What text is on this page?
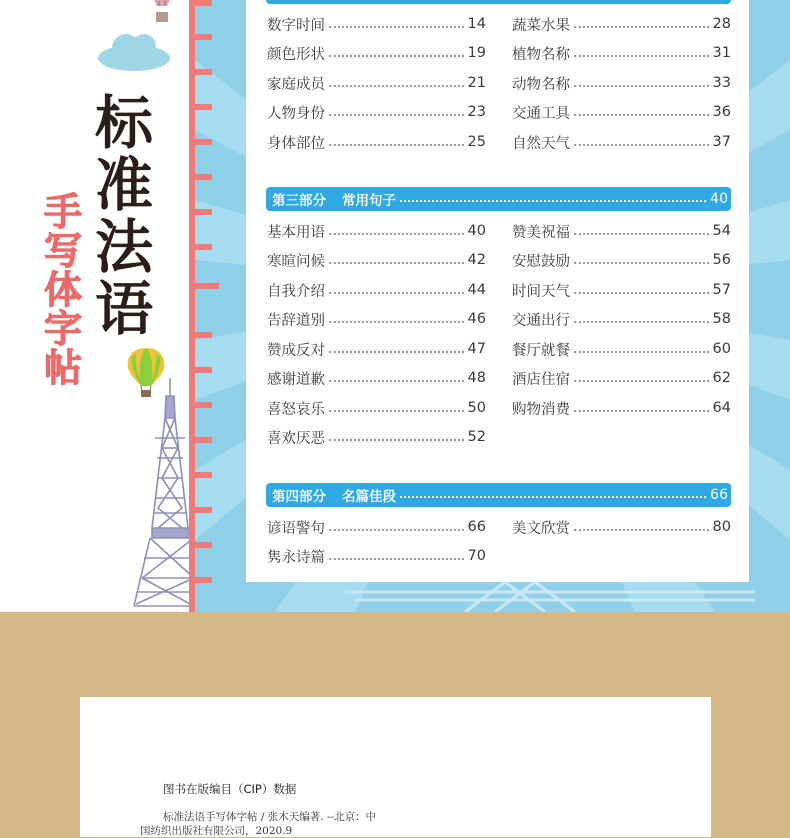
标
准
法
语
手
写
体
字
帖
数字时间	14
颜色形状	19
家庭成员	21
人物身份	23
身体部位	25
蔬菜水果	28
植物名称	31
动物名称	33
交通工具	36
自然天气	37
第三部分 常用句子	40
基本用语	40
寒暄问候	42
自我介绍	44
告辞道别	46
赞成反对	47
感谢道歉	48
喜怒哀乐	50
喜欢厌恶	52
赞美祝福	54
安慰鼓励	56
时间天气	57
交通出行	58
餐厅就餐	60
酒店住宿	62
购物消费	64
第四部分 名篇佳段	66
谚语警句	66
隽永诗篇	70
美文欣赏	80
图书在版编目（CIP）数据
标准法语手写体字帖 / 张木天编著. --北京：中
国纺织出版社有限公司，2020.9
